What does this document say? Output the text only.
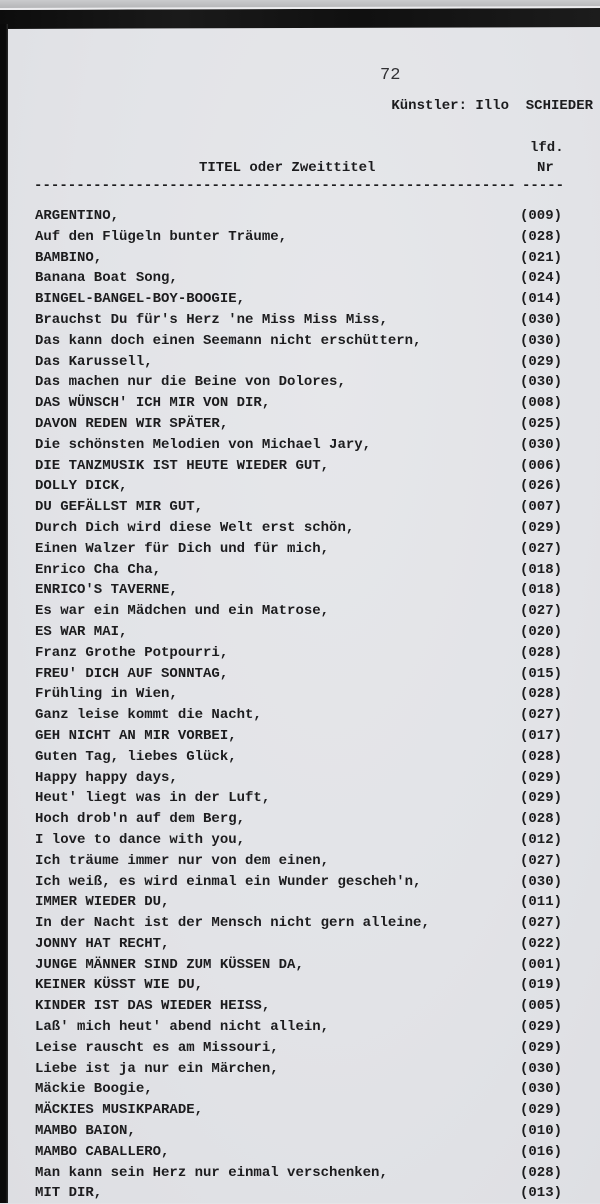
72
Künstler: Illo  SCHIEDER
lfd.
TITEL oder Zweittitel	Nr
--------------------------------------------------------- -----
ARGENTINO,	(009)
Auf den Flügeln bunter Träume,	(028)
BAMBINO,	(021)
Banana Boat Song,	(024)
BINGEL-BANGEL-BOY-BOOGIE,	(014)
Brauchst Du für's Herz 'ne Miss Miss Miss,	(030)
Das kann doch einen Seemann nicht erschüttern,	(030)
Das Karussell,	(029)
Das machen nur die Beine von Dolores,	(030)
DAS WÜNSCH' ICH MIR VON DIR,	(008)
DAVON REDEN WIR SPÄTER,	(025)
Die schönsten Melodien von Michael Jary,	(030)
DIE TANZMUSIK IST HEUTE WIEDER GUT,	(006)
DOLLY DICK,	(026)
DU GEFÄLLST MIR GUT,	(007)
Durch Dich wird diese Welt erst schön,	(029)
Einen Walzer für Dich und für mich,	(027)
Enrico Cha Cha,	(018)
ENRICO'S TAVERNE,	(018)
Es war ein Mädchen und ein Matrose,	(027)
ES WAR MAI,	(020)
Franz Grothe Potpourri,	(028)
FREU' DICH AUF SONNTAG,	(015)
Frühling in Wien,	(028)
Ganz leise kommt die Nacht,	(027)
GEH NICHT AN MIR VORBEI,	(017)
Guten Tag, liebes Glück,	(028)
Happy happy days,	(029)
Heut' liegt was in der Luft,	(029)
Hoch drob'n auf dem Berg,	(028)
I love to dance with you,	(012)
Ich träume immer nur von dem einen,	(027)
Ich weiß, es wird einmal ein Wunder gescheh'n,	(030)
IMMER WIEDER DU,	(011)
In der Nacht ist der Mensch nicht gern alleine,	(027)
JONNY HAT RECHT,	(022)
JUNGE MÄNNER SIND ZUM KÜSSEN DA,	(001)
KEINER KÜSST WIE DU,	(019)
KINDER IST DAS WIEDER HEISS,	(005)
Laß' mich heut' abend nicht allein,	(029)
Leise rauscht es am Missouri,	(029)
Liebe ist ja nur ein Märchen,	(030)
Mäckie Boogie,	(030)
MÄCKIES MUSIKPARADE,	(029)
MAMBO BAION,	(010)
MAMBO CABALLERO,	(016)
Man kann sein Herz nur einmal verschenken,	(028)
MIT DIR,	(013)
